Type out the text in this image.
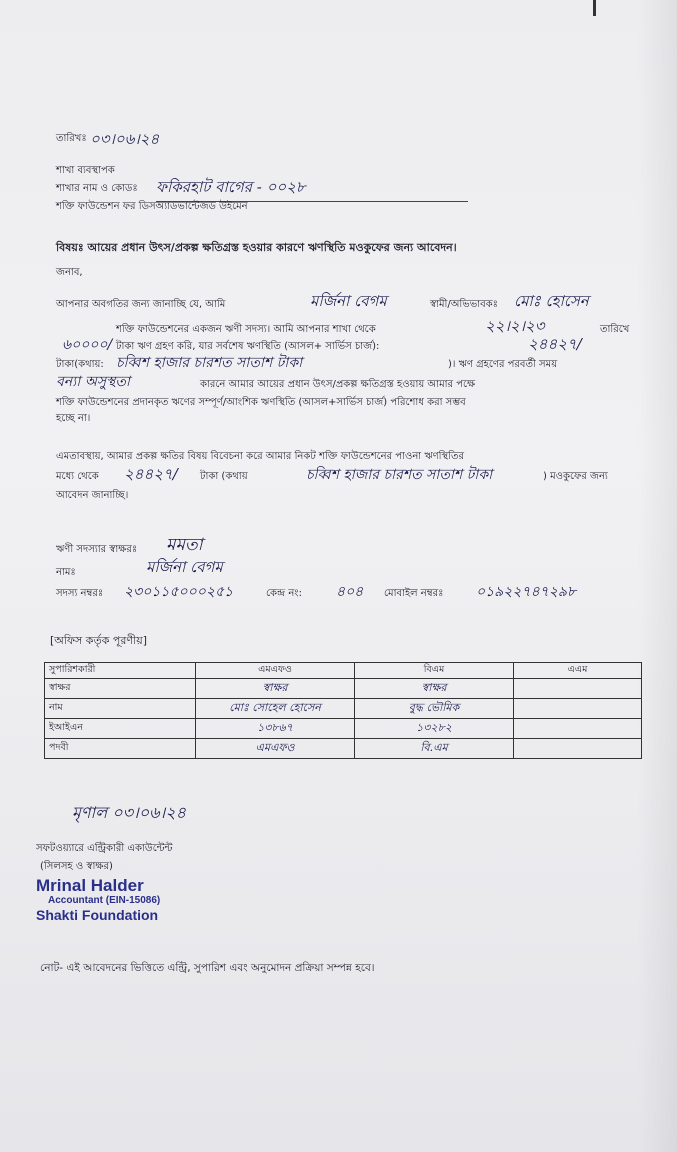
তারিখঃ ০৩।০৬।২৪
শাখা ব্যবস্থাপক
শাখার নাম ও কোডঃ ফকিরহাট বাগের - ০০২৮
শক্তি ফাউন্ডেশন ফর ডিসঅ্যাডভান্টেজড উইমেন
বিষয়ঃ আয়ের প্রধান উৎস/প্রকল্প ক্ষতিগ্রস্ত হওয়ার কারণে ঋণস্থিতি মওকুফের জন্য আবেদন।
জনাব,
আপনার অবগতির জন্য জানাচ্ছি যে, আমি	মর্জিনা বেগম	স্বামী/অভিভাবকঃ মোঃ হোসেন
শক্তি ফাউন্ডেশনের একজন ঋণী সদস্য। আমি আপনার শাখা থেকে	২২।২।২৩	তারিখে
৬০০০০/ টাকা ঋণ গ্রহণ করি, যার সর্বশেষ ঋণস্থিতি (আসল+ সার্ভিস চার্জ):	২৪৪২৭/
টাকা(কথায়: চব্বিশ হাজার চারশত সাতাশ টাকা	)। ঋণ গ্রহণের পরবর্তী সময়
বন্যা অসুস্থতা	কারনে আমার আয়ের প্রধান উৎস/প্রকল্প ক্ষতিগ্রস্ত হওয়ায় আমার পক্ষে
শক্তি ফাউন্ডেশনের প্রদানকৃত ঋণের সম্পূর্ণ/আংশিক ঋণস্থিতি (আসল+সার্ভিস চার্জ) পরিশোধ করা সম্ভব
হচ্ছে না।
এমতাবস্থায়, আমার প্রকল্প ক্ষতির বিষয় বিবেচনা করে আমার নিকট শক্তি ফাউন্ডেশনের পাওনা ঋণস্থিতির
মধ্যে থেকে ২৪৪২৭/ টাকা (কথায়	চব্বিশ হাজার চারশত সাতাশ টাকা	) মওকুফের জন্য
আবেদন জানাচ্ছি।
ঋণী সদস্যার স্বাক্ষরঃ মমতা
নামঃ	মর্জিনা বেগম
সদস্য নম্বরঃ ২৩০১১৫০০০২৫১	কেন্দ্র নং: ৪০৪ মোবাইল নম্বরঃ ০১৯২২৭৪৭২৯৮
[অফিস কর্তৃক পূরণীয়]
সুপারিশকারী	এমএফও	বিএম	এএম
স্বাক্ষর	স্বাক্ষর	স্বাক্ষর	
নাম	মোঃ সোহেল হোসেন	বুদ্ধ ভৌমিক	
ইআইএন	১৩৮৬৭	১৩২৮২	
পদবী	এমএফও	বি.এম	
মৃণাল ০৩।০৬।২৪
সফটওয়্যারে এন্ট্রিকারী একাউন্টেন্ট
(সিলসহ ও স্বাক্ষর)
Mrinal Halder
Accountant (EIN-15086)
Shakti Foundation
নোট- এই আবেদনের ভিত্তিতে এন্ট্রি, সুপারিশ এবং অনুমোদন প্রক্রিয়া সম্পন্ন হবে।
